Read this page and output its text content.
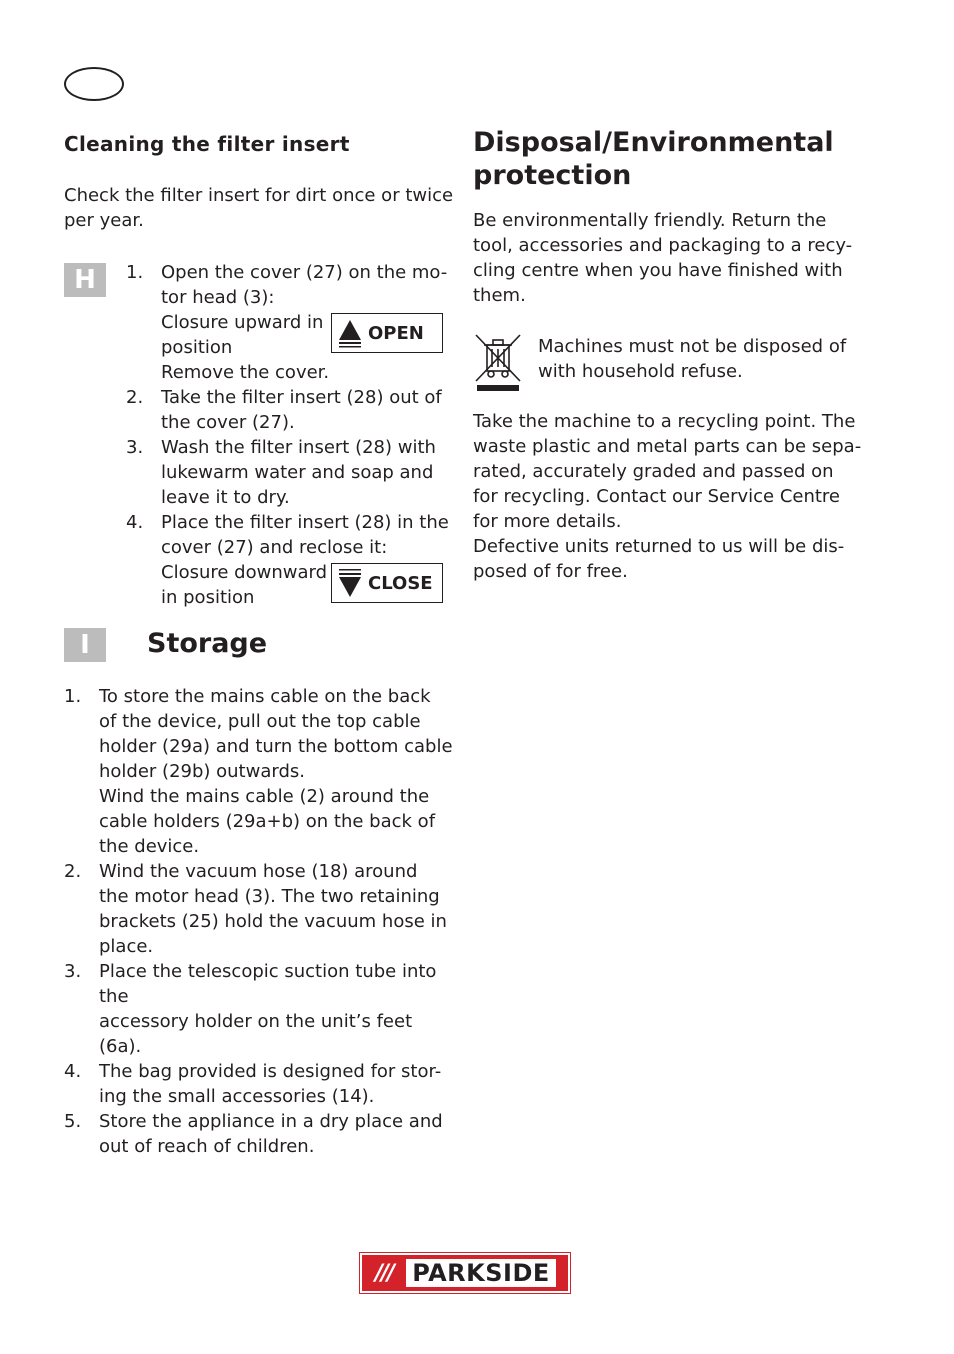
Cleaning the filter insert
Check the filter insert for dirt once or twice
per year.
H	1. Open the cover (27) on the mo-
tor head (3):
Closure upward in
position
Remove the cover.
2. Take the filter insert (28) out of
the cover (27).
3. Wash the filter insert (28) with
lukewarm water and soap and
leave it to dry.
4. Place the filter insert (28) in the
cover (27) and reclose it:
Closure downward
in position
OPEN
CLOSE
I	Storage
1. To store the mains cable on the back
of the device, pull out the top cable
holder (29a) and turn the bottom cable
holder (29b) outwards.
Wind the mains cable (2) around the
cable holders (29a+b) on the back of
the device.
2. Wind the vacuum hose (18) around
the motor head (3). The two retaining
brackets (25) hold the vacuum hose in
place.
3. Place the telescopic suction tube into the
accessory holder on the unit’s feet (6a).
4. The bag provided is designed for stor-
ing the small accessories (14).
5. Store the appliance in a dry place and
out of reach of children.
Disposal/Environmental
protection
Be environmentally friendly. Return the
tool, accessories and packaging to a recy-
cling centre when you have finished with
them.
Machines must not be disposed of
with household refuse.
Take the machine to a recycling point. The
waste plastic and metal parts can be sepa-
rated, accurately graded and passed on
for recycling. Contact our Service Centre
for more details.
Defective units returned to us will be dis-
posed of for free.
/// PARKSIDE
